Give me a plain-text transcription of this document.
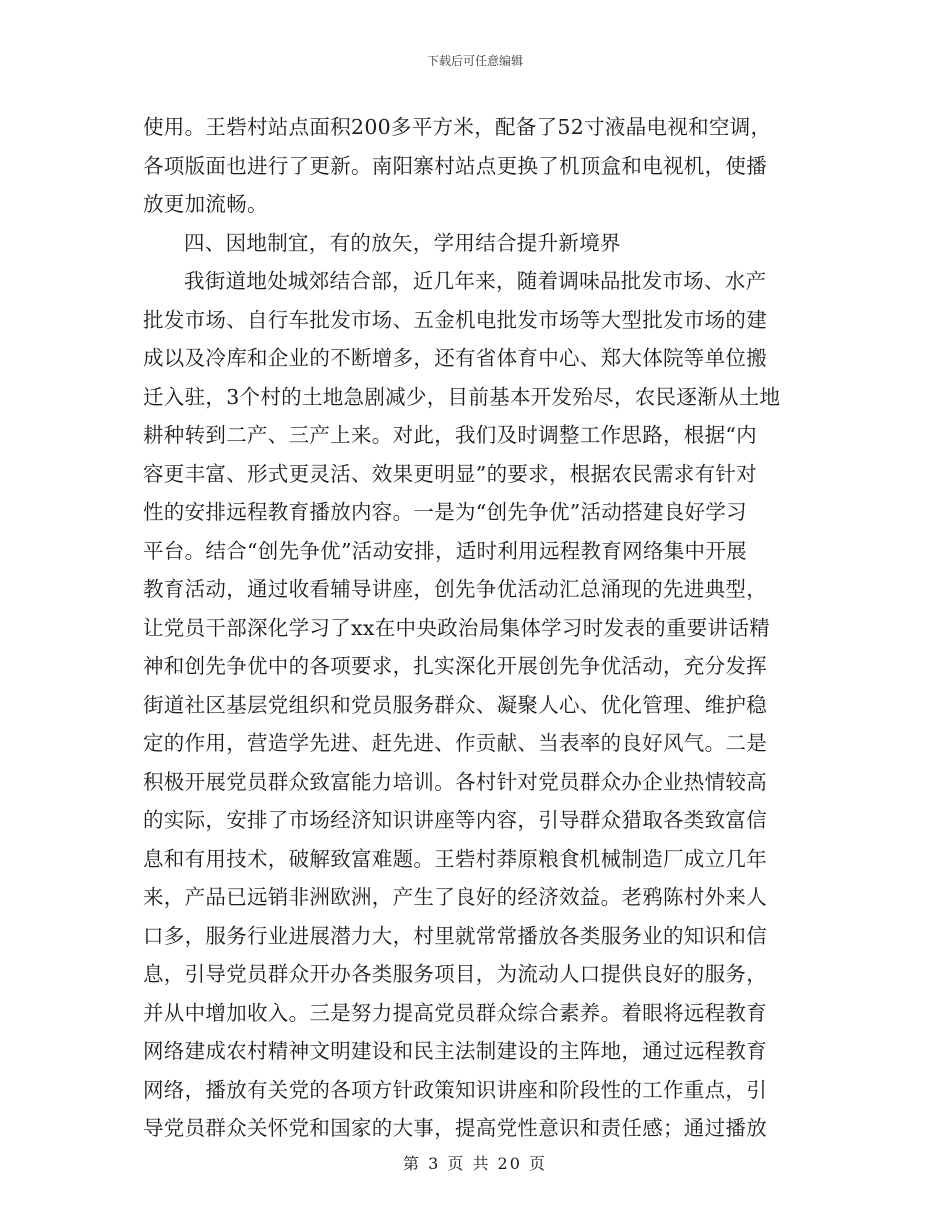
下载后可任意编辑
使用。王砦村站点面积200多平方米，配备了52寸液晶电视和空调，
各项版面也进行了更新。南阳寨村站点更换了机顶盒和电视机，使播
放更加流畅。
四、因地制宜，有的放矢，学用结合提升新境界
我街道地处城郊结合部，近几年来，随着调味品批发市场、水产
批发市场、自行车批发市场、五金机电批发市场等大型批发市场的建
成以及冷库和企业的不断增多，还有省体育中心、郑大体院等单位搬
迁入驻，3个村的土地急剧减少，目前基本开发殆尽，农民逐渐从土地
耕种转到二产、三产上来。对此，我们及时调整工作思路，根据“内
容更丰富、形式更灵活、效果更明显”的要求，根据农民需求有针对
性的安排远程教育播放内容。一是为“创先争优”活动搭建良好学习
平台。结合“创先争优”活动安排，适时利用远程教育网络集中开展
教育活动，通过收看辅导讲座，创先争优活动汇总涌现的先进典型，
让党员干部深化学习了xx在中央政治局集体学习时发表的重要讲话精
神和创先争优中的各项要求，扎实深化开展创先争优活动，充分发挥
街道社区基层党组织和党员服务群众、凝聚人心、优化管理、维护稳
定的作用，营造学先进、赶先进、作贡献、当表率的良好风气。二是
积极开展党员群众致富能力培训。各村针对党员群众办企业热情较高
的实际，安排了市场经济知识讲座等内容，引导群众猎取各类致富信
息和有用技术，破解致富难题。王砦村莽原粮食机械制造厂成立几年
来，产品已远销非洲欧洲，产生了良好的经济效益。老鸦陈村外来人
口多，服务行业进展潜力大，村里就常常播放各类服务业的知识和信
息，引导党员群众开办各类服务项目，为流动人口提供良好的服务，
并从中增加收入。三是努力提高党员群众综合素养。着眼将远程教育
网络建成农村精神文明建设和民主法制建设的主阵地，通过远程教育
网络，播放有关党的各项方针政策知识讲座和阶段性的工作重点，引
导党员群众关怀党和国家的大事，提高党性意识和责任感；通过播放
第 3 页 共 20 页
